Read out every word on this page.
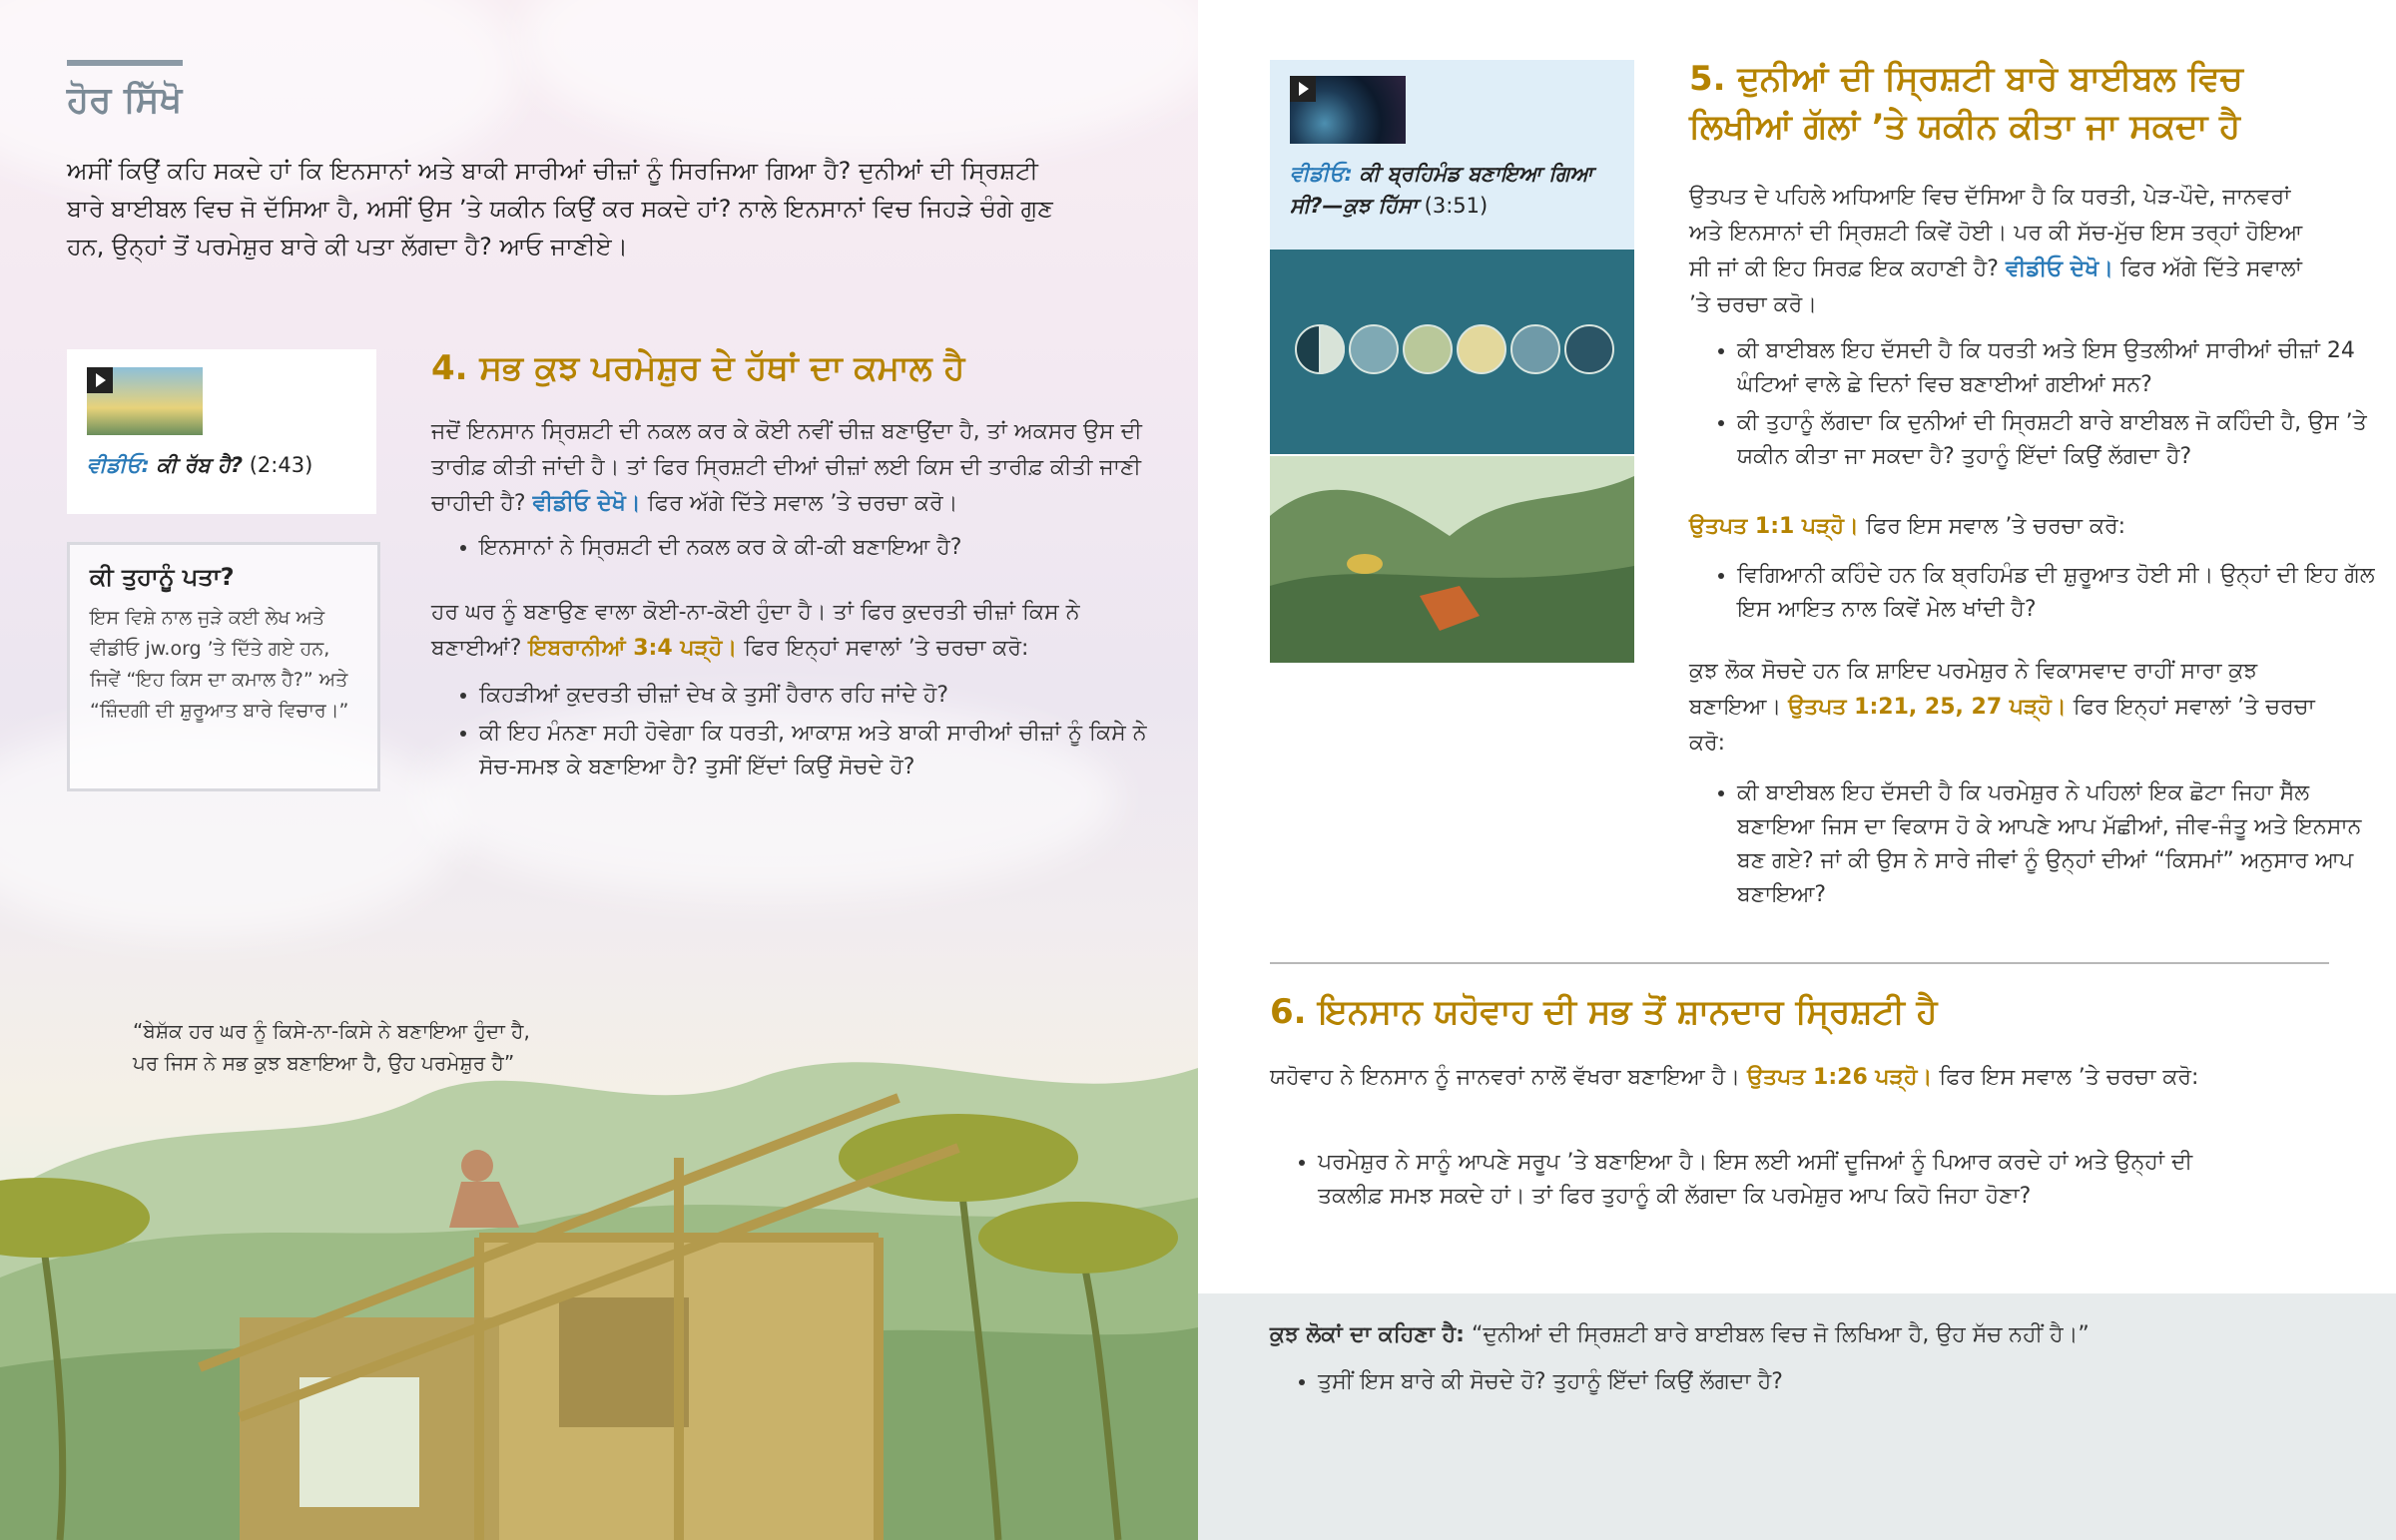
ਹੋਰ ਸਿੱਖੋ
ਅਸੀਂ ਕਿਉਂ ਕਹਿ ਸਕਦੇ ਹਾਂ ਕਿ ਇਨਸਾਨਾਂ ਅਤੇ ਬਾਕੀ ਸਾਰੀਆਂ ਚੀਜ਼ਾਂ ਨੂੰ ਸਿਰਜਿਆ ਗਿਆ ਹੈ? ਦੁਨੀਆਂ ਦੀ ਸ੍ਰਿਸ਼ਟੀ ਬਾਰੇ ਬਾਈਬਲ ਵਿਚ ਜੋ ਦੱਸਿਆ ਹੈ, ਅਸੀਂ ਉਸ ’ਤੇ ਯਕੀਨ ਕਿਉਂ ਕਰ ਸਕਦੇ ਹਾਂ? ਨਾਲੇ ਇਨਸਾਨਾਂ ਵਿਚ ਜਿਹੜੇ ਚੰਗੇ ਗੁਣ ਹਨ, ਉਨ੍ਹਾਂ ਤੋਂ ਪਰਮੇਸ਼ੁਰ ਬਾਰੇ ਕੀ ਪਤਾ ਲੱਗਦਾ ਹੈ? ਆਓ ਜਾਣੀਏ।
ਵੀਡੀਓ: ਕੀ ਰੱਬ ਹੈ? (2:43)
ਕੀ ਤੁਹਾਨੂੰ ਪਤਾ?

ਇਸ ਵਿਸ਼ੇ ਨਾਲ ਜੁੜੇ ਕਈ ਲੇਖ ਅਤੇ ਵੀਡੀਓ jw.org ’ਤੇ ਦਿੱਤੇ ਗਏ ਹਨ, ਜਿਵੇਂ “ਇਹ ਕਿਸ ਦਾ ਕਮਾਲ ਹੈ?” ਅਤੇ “ਜ਼ਿੰਦਗੀ ਦੀ ਸ਼ੁਰੂਆਤ ਬਾਰੇ ਵਿਚਾਰ।”

4. ਸਭ ਕੁਝ ਪਰਮੇਸ਼ੁਰ ਦੇ ਹੱਥਾਂ ਦਾ ਕਮਾਲ ਹੈ
ਜਦੋਂ ਇਨਸਾਨ ਸ੍ਰਿਸ਼ਟੀ ਦੀ ਨਕਲ ਕਰ ਕੇ ਕੋਈ ਨਵੀਂ ਚੀਜ਼ ਬਣਾਉਂਦਾ ਹੈ, ਤਾਂ ਅਕਸਰ ਉਸ ਦੀ ਤਾਰੀਫ਼ ਕੀਤੀ ਜਾਂਦੀ ਹੈ। ਤਾਂ ਫਿਰ ਸ੍ਰਿਸ਼ਟੀ ਦੀਆਂ ਚੀਜ਼ਾਂ ਲਈ ਕਿਸ ਦੀ ਤਾਰੀਫ਼ ਕੀਤੀ ਜਾਣੀ ਚਾਹੀਦੀ ਹੈ? ਵੀਡੀਓ ਦੇਖੋ। ਫਿਰ ਅੱਗੇ ਦਿੱਤੇ ਸਵਾਲ ’ਤੇ ਚਰਚਾ ਕਰੋ।
• ਇਨਸਾਨਾਂ ਨੇ ਸ੍ਰਿਸ਼ਟੀ ਦੀ ਨਕਲ ਕਰ ਕੇ ਕੀ-ਕੀ ਬਣਾਇਆ ਹੈ?
ਹਰ ਘਰ ਨੂੰ ਬਣਾਉਣ ਵਾਲਾ ਕੋਈ-ਨਾ-ਕੋਈ ਹੁੰਦਾ ਹੈ। ਤਾਂ ਫਿਰ ਕੁਦਰਤੀ ਚੀਜ਼ਾਂ ਕਿਸ ਨੇ ਬਣਾਈਆਂ? ਇਬਰਾਨੀਆਂ 3:4 ਪੜ੍ਹੋ। ਫਿਰ ਇਨ੍ਹਾਂ ਸਵਾਲਾਂ ’ਤੇ ਚਰਚਾ ਕਰੋ:
• ਕਿਹੜੀਆਂ ਕੁਦਰਤੀ ਚੀਜ਼ਾਂ ਦੇਖ ਕੇ ਤੁਸੀਂ ਹੈਰਾਨ ਰਹਿ ਜਾਂਦੇ ਹੋ?
• ਕੀ ਇਹ ਮੰਨਣਾ ਸਹੀ ਹੋਵੇਗਾ ਕਿ ਧਰਤੀ, ਆਕਾਸ਼ ਅਤੇ ਬਾਕੀ ਸਾਰੀਆਂ ਚੀਜ਼ਾਂ ਨੂੰ ਕਿਸੇ ਨੇ ਸੋਚ-ਸਮਝ ਕੇ ਬਣਾਇਆ ਹੈ? ਤੁਸੀਂ ਇੱਦਾਂ ਕਿਉਂ ਸੋਚਦੇ ਹੋ?
“ਬੇਸ਼ੱਕ ਹਰ ਘਰ ਨੂੰ ਕਿਸੇ-ਨਾ-ਕਿਸੇ ਨੇ ਬਣਾਇਆ ਹੁੰਦਾ ਹੈ,
ਪਰ ਜਿਸ ਨੇ ਸਭ ਕੁਝ ਬਣਾਇਆ ਹੈ, ਉਹ ਪਰਮੇਸ਼ੁਰ ਹੈ”
ਵੀਡੀਓ: ਕੀ ਬ੍ਰਹਿਮੰਡ ਬਣਾਇਆ ਗਿਆ ਸੀ?—ਕੁਝ ਹਿੱਸਾ (3:51)
5. ਦੁਨੀਆਂ ਦੀ ਸ੍ਰਿਸ਼ਟੀ ਬਾਰੇ ਬਾਈਬਲ ਵਿਚ ਲਿਖੀਆਂ ਗੱਲਾਂ ’ਤੇ ਯਕੀਨ ਕੀਤਾ ਜਾ ਸਕਦਾ ਹੈ
ਉਤਪਤ ਦੇ ਪਹਿਲੇ ਅਧਿਆਇ ਵਿਚ ਦੱਸਿਆ ਹੈ ਕਿ ਧਰਤੀ, ਪੇੜ-ਪੌਦੇ, ਜਾਨਵਰਾਂ ਅਤੇ ਇਨਸਾਨਾਂ ਦੀ ਸ੍ਰਿਸ਼ਟੀ ਕਿਵੇਂ ਹੋਈ। ਪਰ ਕੀ ਸੱਚ-ਮੁੱਚ ਇਸ ਤਰ੍ਹਾਂ ਹੋਇਆ ਸੀ ਜਾਂ ਕੀ ਇਹ ਸਿਰਫ਼ ਇਕ ਕਹਾਣੀ ਹੈ? ਵੀਡੀਓ ਦੇਖੋ। ਫਿਰ ਅੱਗੇ ਦਿੱਤੇ ਸਵਾਲਾਂ ’ਤੇ ਚਰਚਾ ਕਰੋ।
• ਕੀ ਬਾਈਬਲ ਇਹ ਦੱਸਦੀ ਹੈ ਕਿ ਧਰਤੀ ਅਤੇ ਇਸ ਉਤਲੀਆਂ ਸਾਰੀਆਂ ਚੀਜ਼ਾਂ 24 ਘੰਟਿਆਂ ਵਾਲੇ ਛੇ ਦਿਨਾਂ ਵਿਚ ਬਣਾਈਆਂ ਗਈਆਂ ਸਨ?
• ਕੀ ਤੁਹਾਨੂੰ ਲੱਗਦਾ ਕਿ ਦੁਨੀਆਂ ਦੀ ਸ੍ਰਿਸ਼ਟੀ ਬਾਰੇ ਬਾਈਬਲ ਜੋ ਕਹਿੰਦੀ ਹੈ, ਉਸ ’ਤੇ ਯਕੀਨ ਕੀਤਾ ਜਾ ਸਕਦਾ ਹੈ? ਤੁਹਾਨੂੰ ਇੱਦਾਂ ਕਿਉਂ ਲੱਗਦਾ ਹੈ?
ਉਤਪਤ 1:1 ਪੜ੍ਹੋ। ਫਿਰ ਇਸ ਸਵਾਲ ’ਤੇ ਚਰਚਾ ਕਰੋ:
• ਵਿਗਿਆਨੀ ਕਹਿੰਦੇ ਹਨ ਕਿ ਬ੍ਰਹਿਮੰਡ ਦੀ ਸ਼ੁਰੂਆਤ ਹੋਈ ਸੀ। ਉਨ੍ਹਾਂ ਦੀ ਇਹ ਗੱਲ ਇਸ ਆਇਤ ਨਾਲ ਕਿਵੇਂ ਮੇਲ ਖਾਂਦੀ ਹੈ?
ਕੁਝ ਲੋਕ ਸੋਚਦੇ ਹਨ ਕਿ ਸ਼ਾਇਦ ਪਰਮੇਸ਼ੁਰ ਨੇ ਵਿਕਾਸਵਾਦ ਰਾਹੀਂ ਸਾਰਾ ਕੁਝ ਬਣਾਇਆ। ਉਤਪਤ 1:21, 25, 27 ਪੜ੍ਹੋ। ਫਿਰ ਇਨ੍ਹਾਂ ਸਵਾਲਾਂ ’ਤੇ ਚਰਚਾ ਕਰੋ:
• ਕੀ ਬਾਈਬਲ ਇਹ ਦੱਸਦੀ ਹੈ ਕਿ ਪਰਮੇਸ਼ੁਰ ਨੇ ਪਹਿਲਾਂ ਇਕ ਛੋਟਾ ਜਿਹਾ ਸੈੱਲ ਬਣਾਇਆ ਜਿਸ ਦਾ ਵਿਕਾਸ ਹੋ ਕੇ ਆਪਣੇ ਆਪ ਮੱਛੀਆਂ, ਜੀਵ-ਜੰਤੂ ਅਤੇ ਇਨਸਾਨ ਬਣ ਗਏ? ਜਾਂ ਕੀ ਉਸ ਨੇ ਸਾਰੇ ਜੀਵਾਂ ਨੂੰ ਉਨ੍ਹਾਂ ਦੀਆਂ “ਕਿਸਮਾਂ” ਅਨੁਸਾਰ ਆਪ ਬਣਾਇਆ?
6. ਇਨਸਾਨ ਯਹੋਵਾਹ ਦੀ ਸਭ ਤੋਂ ਸ਼ਾਨਦਾਰ ਸ੍ਰਿਸ਼ਟੀ ਹੈ
ਯਹੋਵਾਹ ਨੇ ਇਨਸਾਨ ਨੂੰ ਜਾਨਵਰਾਂ ਨਾਲੋਂ ਵੱਖਰਾ ਬਣਾਇਆ ਹੈ। ਉਤਪਤ 1:26 ਪੜ੍ਹੋ। ਫਿਰ ਇਸ ਸਵਾਲ ’ਤੇ ਚਰਚਾ ਕਰੋ:
• ਪਰਮੇਸ਼ੁਰ ਨੇ ਸਾਨੂੰ ਆਪਣੇ ਸਰੂਪ ’ਤੇ ਬਣਾਇਆ ਹੈ। ਇਸ ਲਈ ਅਸੀਂ ਦੂਜਿਆਂ ਨੂੰ ਪਿਆਰ ਕਰਦੇ ਹਾਂ ਅਤੇ ਉਨ੍ਹਾਂ ਦੀ ਤਕਲੀਫ਼ ਸਮਝ ਸਕਦੇ ਹਾਂ। ਤਾਂ ਫਿਰ ਤੁਹਾਨੂੰ ਕੀ ਲੱਗਦਾ ਕਿ ਪਰਮੇਸ਼ੁਰ ਆਪ ਕਿਹੋ ਜਿਹਾ ਹੋਣਾ?
ਕੁਝ ਲੋਕਾਂ ਦਾ ਕਹਿਣਾ ਹੈ: “ਦੁਨੀਆਂ ਦੀ ਸ੍ਰਿਸ਼ਟੀ ਬਾਰੇ ਬਾਈਬਲ ਵਿਚ ਜੋ ਲਿਖਿਆ ਹੈ, ਉਹ ਸੱਚ ਨਹੀਂ ਹੈ।”
• ਤੁਸੀਂ ਇਸ ਬਾਰੇ ਕੀ ਸੋਚਦੇ ਹੋ? ਤੁਹਾਨੂੰ ਇੱਦਾਂ ਕਿਉਂ ਲੱਗਦਾ ਹੈ?
